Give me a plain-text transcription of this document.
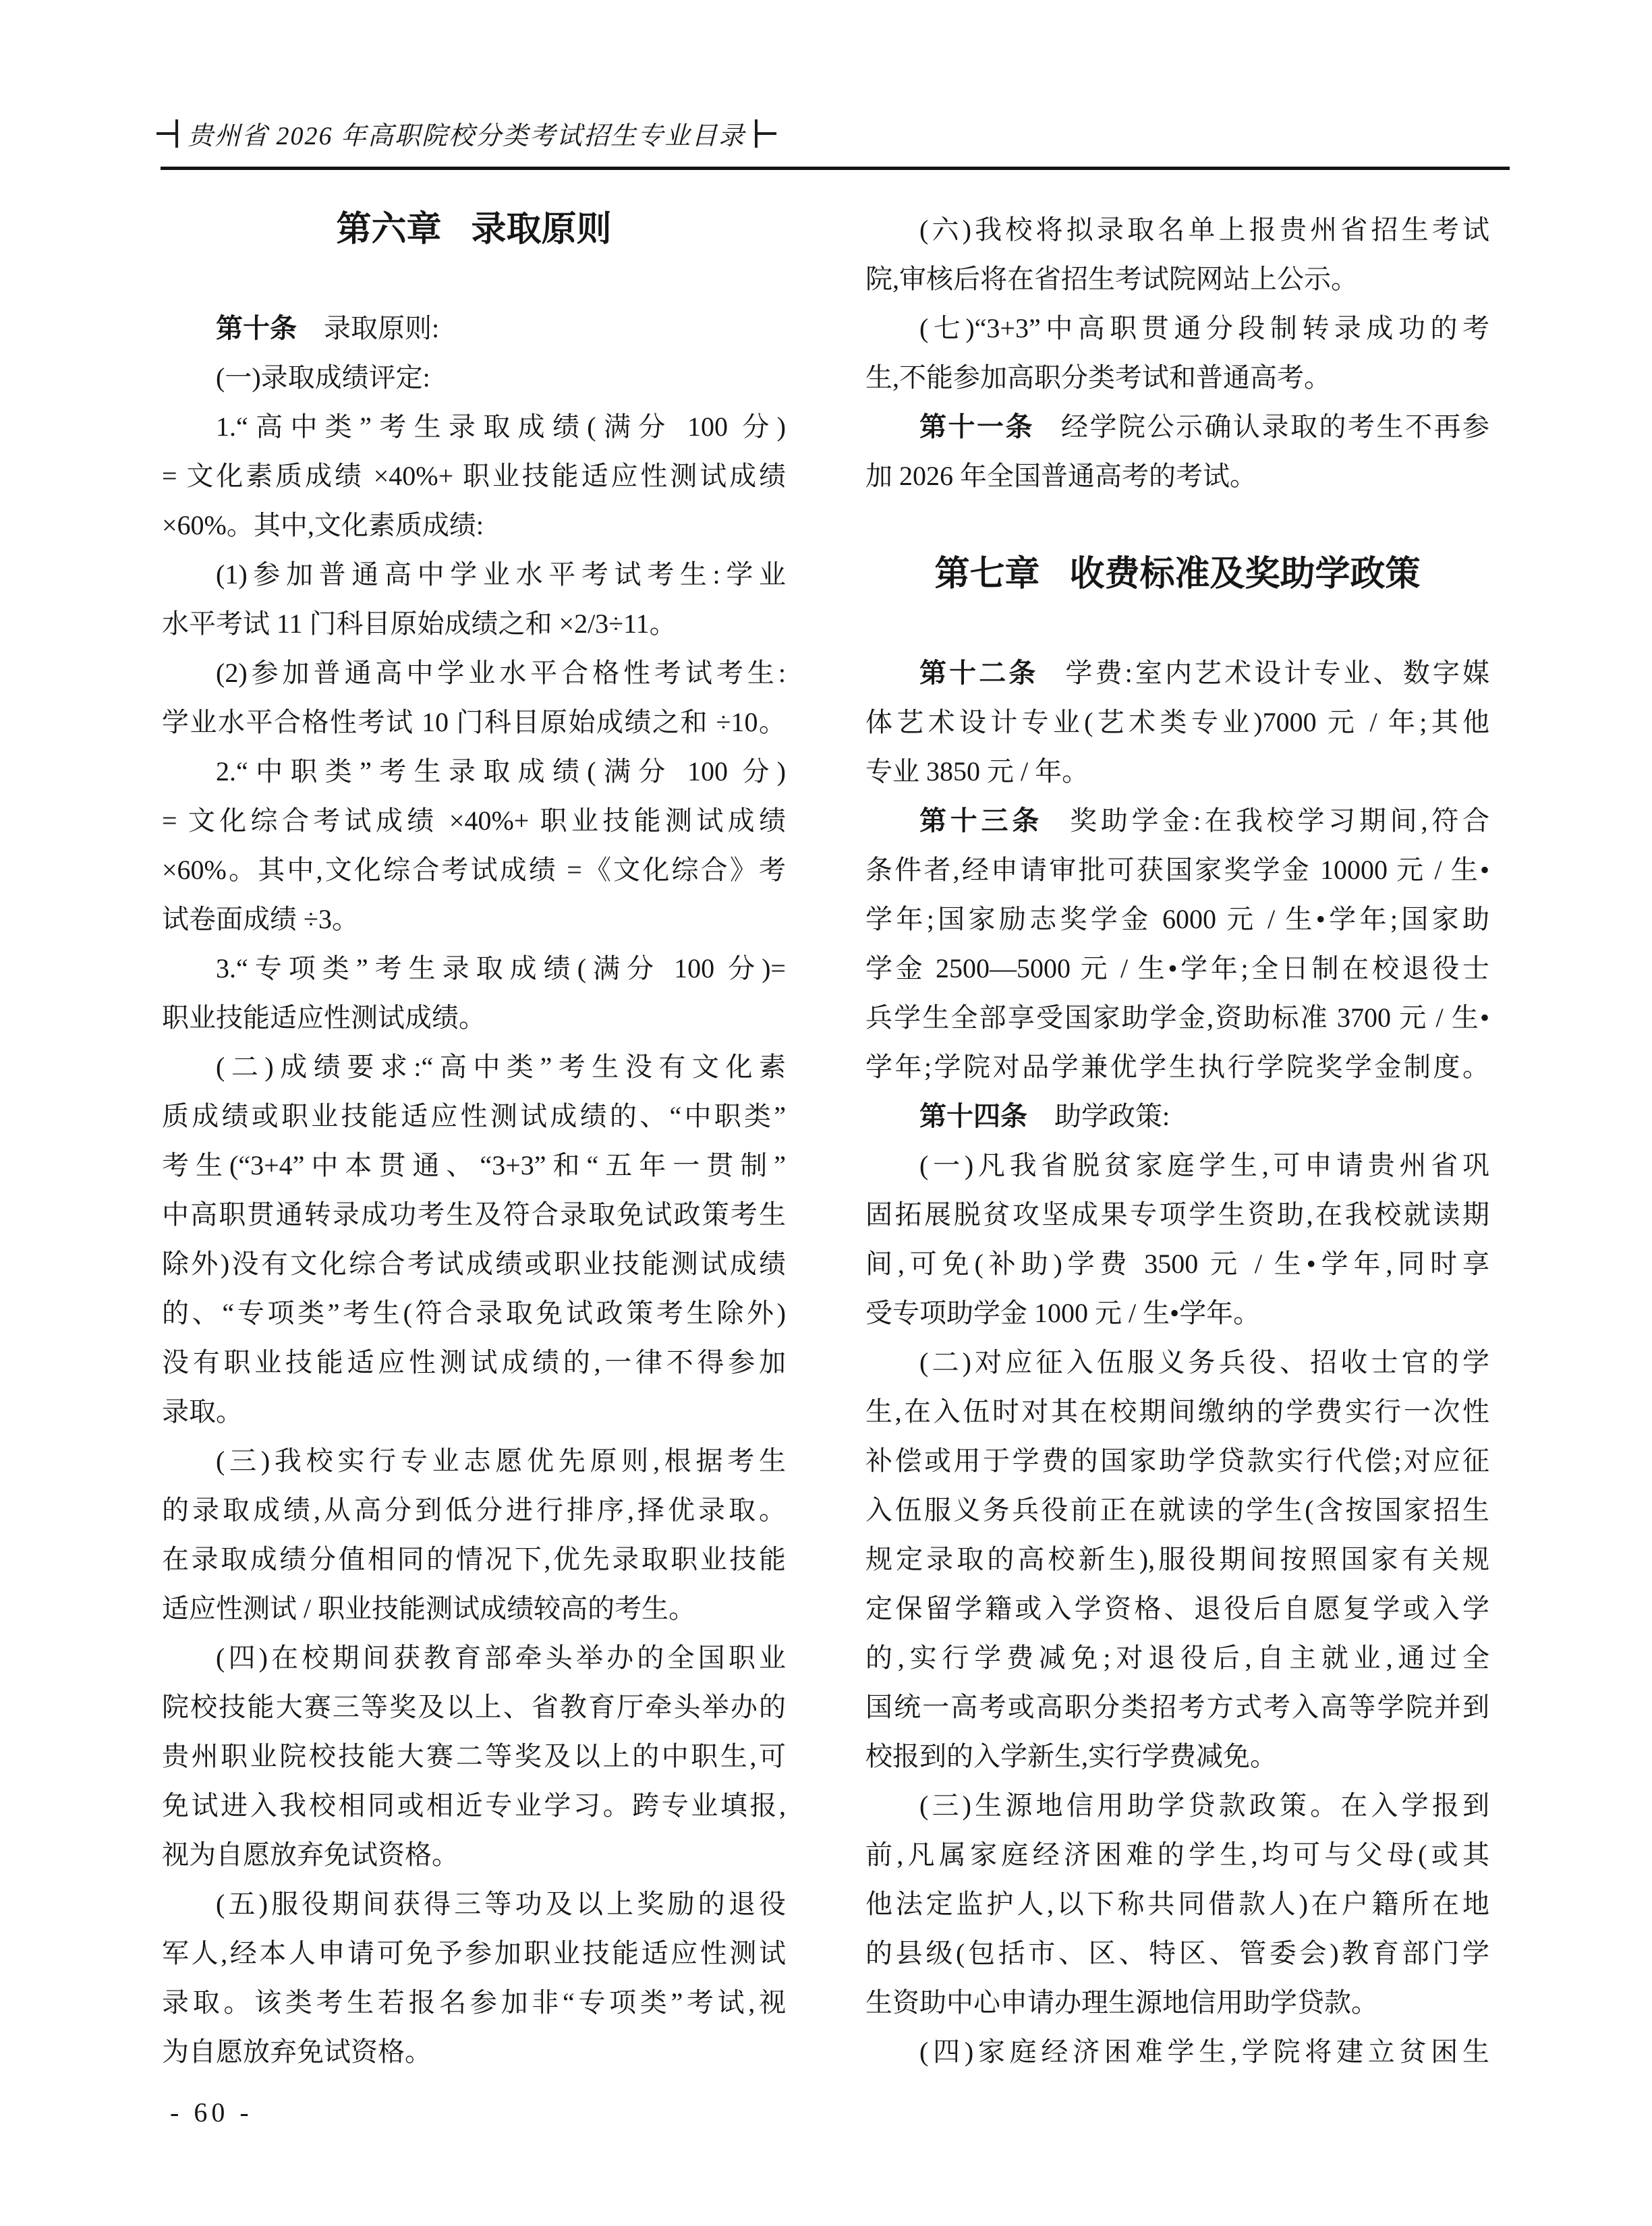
贵州省 2026 年高职院校分类考试招生专业目录
第六章 录取原则
第十条 录取原则:
(一)录取成绩评定:
1.“高中类”考生录取成绩(满分 100 分)
= 文化素质成绩 ×40%+ 职业技能适应性测试成绩
×60%。其中,文化素质成绩:
(1)参加普通高中学业水平考试考生:学业
水平考试 11 门科目原始成绩之和 ×2/3÷11。
(2)参加普通高中学业水平合格性考试考生:
学业水平合格性考试 10 门科目原始成绩之和 ÷10。
2.“中职类”考生录取成绩(满分 100 分)
= 文化综合考试成绩 ×40%+ 职业技能测试成绩
×60%。其中,文化综合考试成绩 =《文化综合》考
试卷面成绩 ÷3。
3.“专项类”考生录取成绩(满分 100 分)=
职业技能适应性测试成绩。
(二)成绩要求:“高中类”考生没有文化素
质成绩或职业技能适应性测试成绩的、“中职类”
考生(“3+4”中本贯通、“3+3”和“五年一贯制”
中高职贯通转录成功考生及符合录取免试政策考生
除外)没有文化综合考试成绩或职业技能测试成绩
的、“专项类”考生(符合录取免试政策考生除外)
没有职业技能适应性测试成绩的,一律不得参加
录取。
(三)我校实行专业志愿优先原则,根据考生
的录取成绩,从高分到低分进行排序,择优录取。
在录取成绩分值相同的情况下,优先录取职业技能
适应性测试 / 职业技能测试成绩较高的考生。
(四)在校期间获教育部牵头举办的全国职业
院校技能大赛三等奖及以上、省教育厅牵头举办的
贵州职业院校技能大赛二等奖及以上的中职生,可
免试进入我校相同或相近专业学习。跨专业填报,
视为自愿放弃免试资格。
(五)服役期间获得三等功及以上奖励的退役
军人,经本人申请可免予参加职业技能适应性测试
录取。该类考生若报名参加非“专项类”考试,视
为自愿放弃免试资格。
(六)我校将拟录取名单上报贵州省招生考试
院,审核后将在省招生考试院网站上公示。
(七)“3+3”中高职贯通分段制转录成功的考
生,不能参加高职分类考试和普通高考。
第十一条 经学院公示确认录取的考生不再参
加 2026 年全国普通高考的考试。
第七章 收费标准及奖助学政策
第十二条 学费:室内艺术设计专业、数字媒
体艺术设计专业(艺术类专业)7000 元 / 年;其他
专业 3850 元 / 年。
第十三条 奖助学金:在我校学习期间,符合
条件者,经申请审批可获国家奖学金 10000 元 / 生•
学年;国家励志奖学金 6000 元 / 生•学年;国家助
学金 2500—5000 元 / 生•学年;全日制在校退役士
兵学生全部享受国家助学金,资助标准 3700 元 / 生•
学年;学院对品学兼优学生执行学院奖学金制度。
第十四条 助学政策:
(一)凡我省脱贫家庭学生,可申请贵州省巩
固拓展脱贫攻坚成果专项学生资助,在我校就读期
间,可免(补助)学费 3500 元 / 生•学年,同时享
受专项助学金 1000 元 / 生•学年。
(二)对应征入伍服义务兵役、招收士官的学
生,在入伍时对其在校期间缴纳的学费实行一次性
补偿或用于学费的国家助学贷款实行代偿;对应征
入伍服义务兵役前正在就读的学生(含按国家招生
规定录取的高校新生),服役期间按照国家有关规
定保留学籍或入学资格、退役后自愿复学或入学
的,实行学费减免;对退役后,自主就业,通过全
国统一高考或高职分类招考方式考入高等学院并到
校报到的入学新生,实行学费减免。
(三)生源地信用助学贷款政策。在入学报到
前,凡属家庭经济困难的学生,均可与父母(或其
他法定监护人,以下称共同借款人)在户籍所在地
的县级(包括市、区、特区、管委会)教育部门学
生资助中心申请办理生源地信用助学贷款。
(四)家庭经济困难学生,学院将建立贫困生
- 60 -
